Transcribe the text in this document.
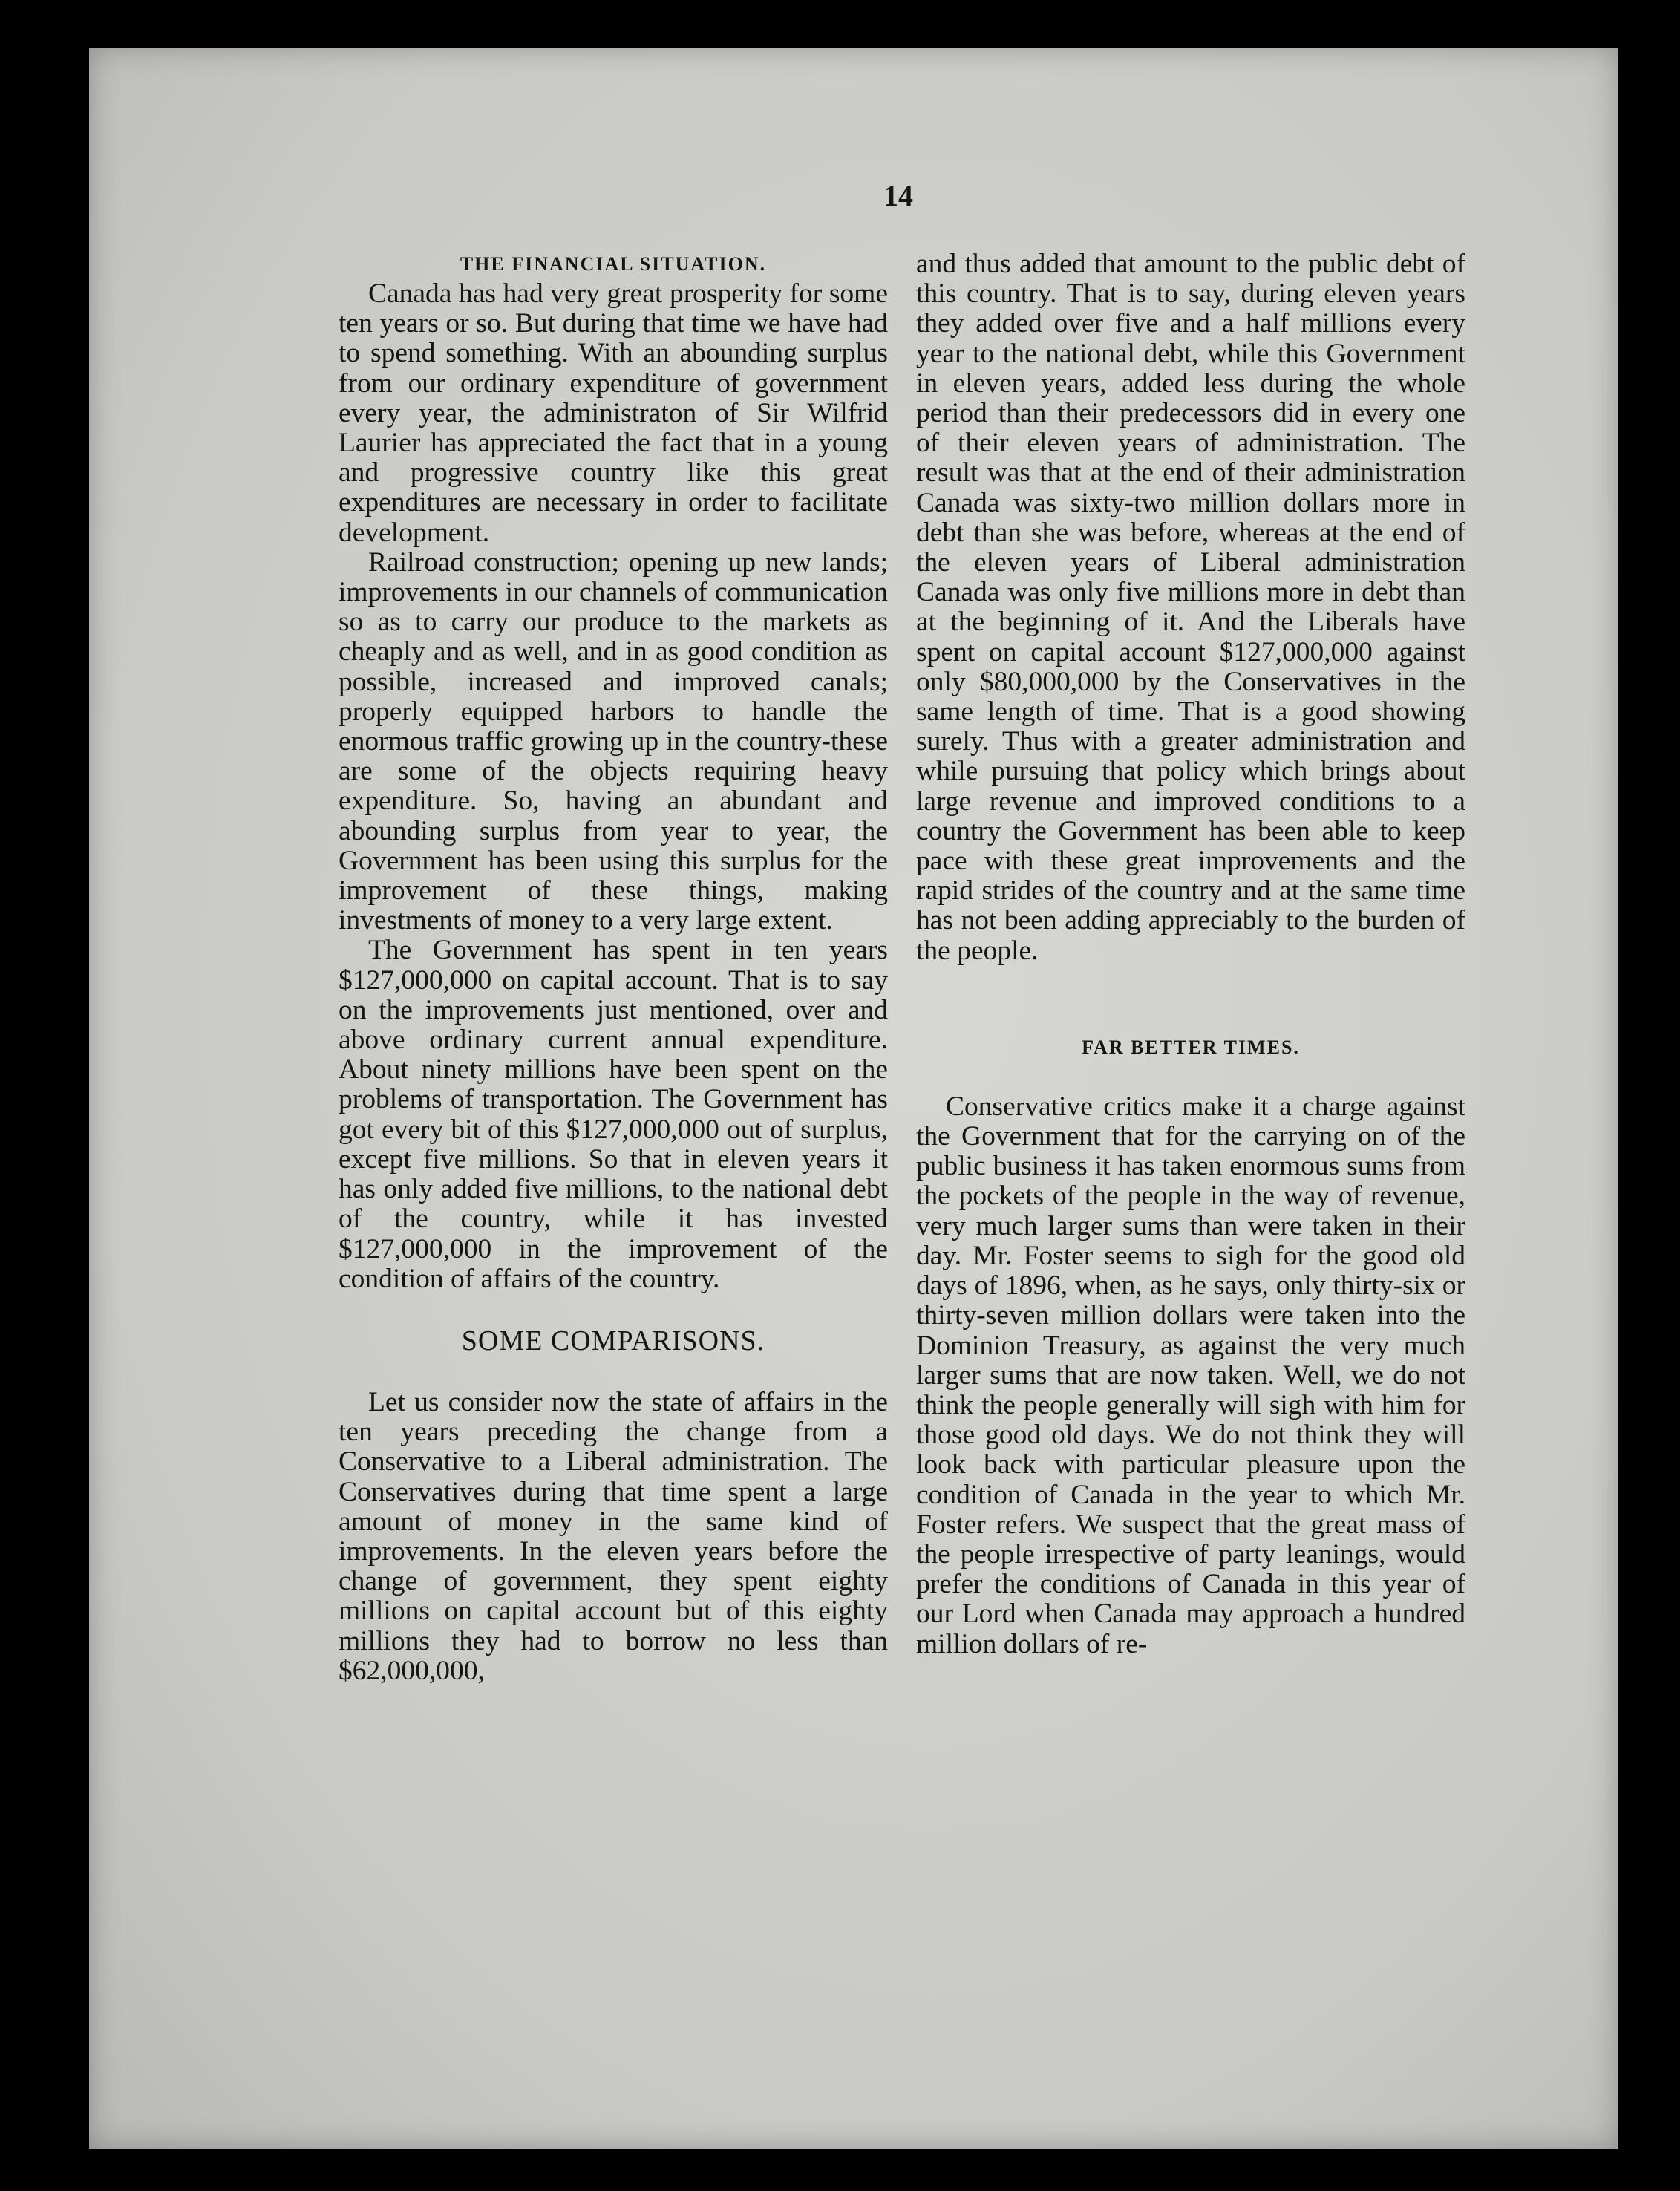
14
THE FINANCIAL SITUATION.

Canada has had very great prosperity for some ten years or so. But during that time we have had to spend something. With an abounding surplus from our ordinary expenditure of government every year, the administraton of Sir Wilfrid Laurier has appreciated the fact that in a young and progressive country like this great expenditures are necessary in order to facilitate development.

Railroad construction; opening up new lands; improvements in our channels of communication so as to carry our produce to the markets as cheaply and as well, and in as good condition as possible, increased and improved canals; properly equipped harbors to handle the enormous traffic growing up in the country-these are some of the objects requiring heavy expenditure. So, having an abundant and abounding surplus from year to year, the Government has been using this surplus for the improvement of these things, making investments of money to a very large extent.

The Government has spent in ten years $127,000,000 on capital account. That is to say on the improvements just mentioned, over and above ordinary current annual expenditure. About ninety millions have been spent on the problems of transportation. The Government has got every bit of this $127,000,000 out of surplus, except five millions. So that in eleven years it has only added five millions, to the national debt of the country, while it has invested $127,000,000 in the improvement of the condition of affairs of the country.

SOME COMPARISONS.

Let us consider now the state of affairs in the ten years preceding the change from a Conservative to a Liberal administration. The Conservatives during that time spent a large amount of money in the same kind of improvements. In the eleven years before the change of government, they spent eighty millions on capital account but of this eighty millions they had to borrow no less than $62,000,000,

and thus added that amount to the public debt of this country. That is to say, during eleven years they added over five and a half millions every year to the national debt, while this Government in eleven years, added less during the whole period than their predecessors did in every one of their eleven years of administration. The result was that at the end of their administration Canada was sixty-two million dollars more in debt than she was before, whereas at the end of the eleven years of Liberal administration Canada was only five millions more in debt than at the beginning of it. And the Liberals have spent on capital account $127,000,000 against only $80,000,000 by the Conservatives in the same length of time. That is a good showing surely. Thus with a greater administration and while pursuing that policy which brings about large revenue and improved conditions to a country the Government has been able to keep pace with these great improvements and the rapid strides of the country and at the same time has not been adding appreciably to the burden of the people.

FAR BETTER TIMES.

Conservative critics make it a charge against the Government that for the carrying on of the public business it has taken enormous sums from the pockets of the people in the way of revenue, very much larger sums than were taken in their day. Mr. Foster seems to sigh for the good old days of 1896, when, as he says, only thirty-six or thirty-seven million dollars were taken into the Dominion Treasury, as against the very much larger sums that are now taken. Well, we do not think the people generally will sigh with him for those good old days. We do not think they will look back with particular pleasure upon the condition of Canada in the year to which Mr. Foster refers. We suspect that the great mass of the people irrespective of party leanings, would prefer the conditions of Canada in this year of our Lord when Canada may approach a hundred million dollars of re-
